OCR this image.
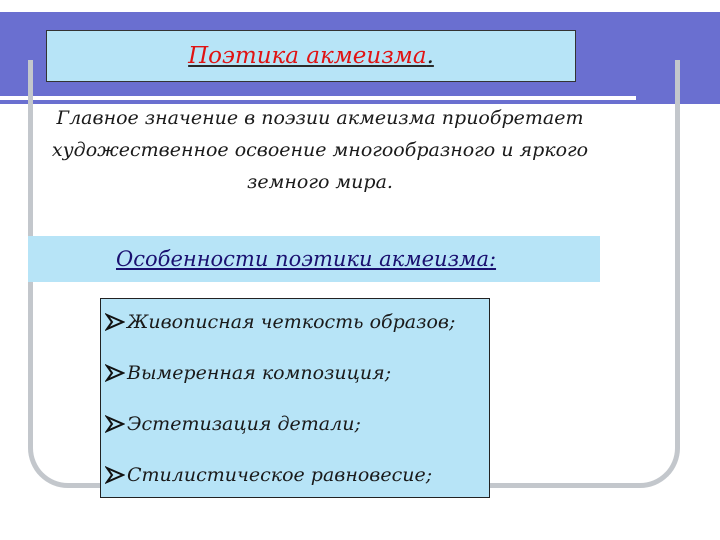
Поэтика акмеизма.
Главное значение в поэзии акмеизма приобретает
художественное освоение многообразного и яркого
земного мира.
Особенности поэтики акмеизма:
Живописная четкость образов;
Вымеренная композиция;
Эстетизация детали;
Стилистическое равновесие;
